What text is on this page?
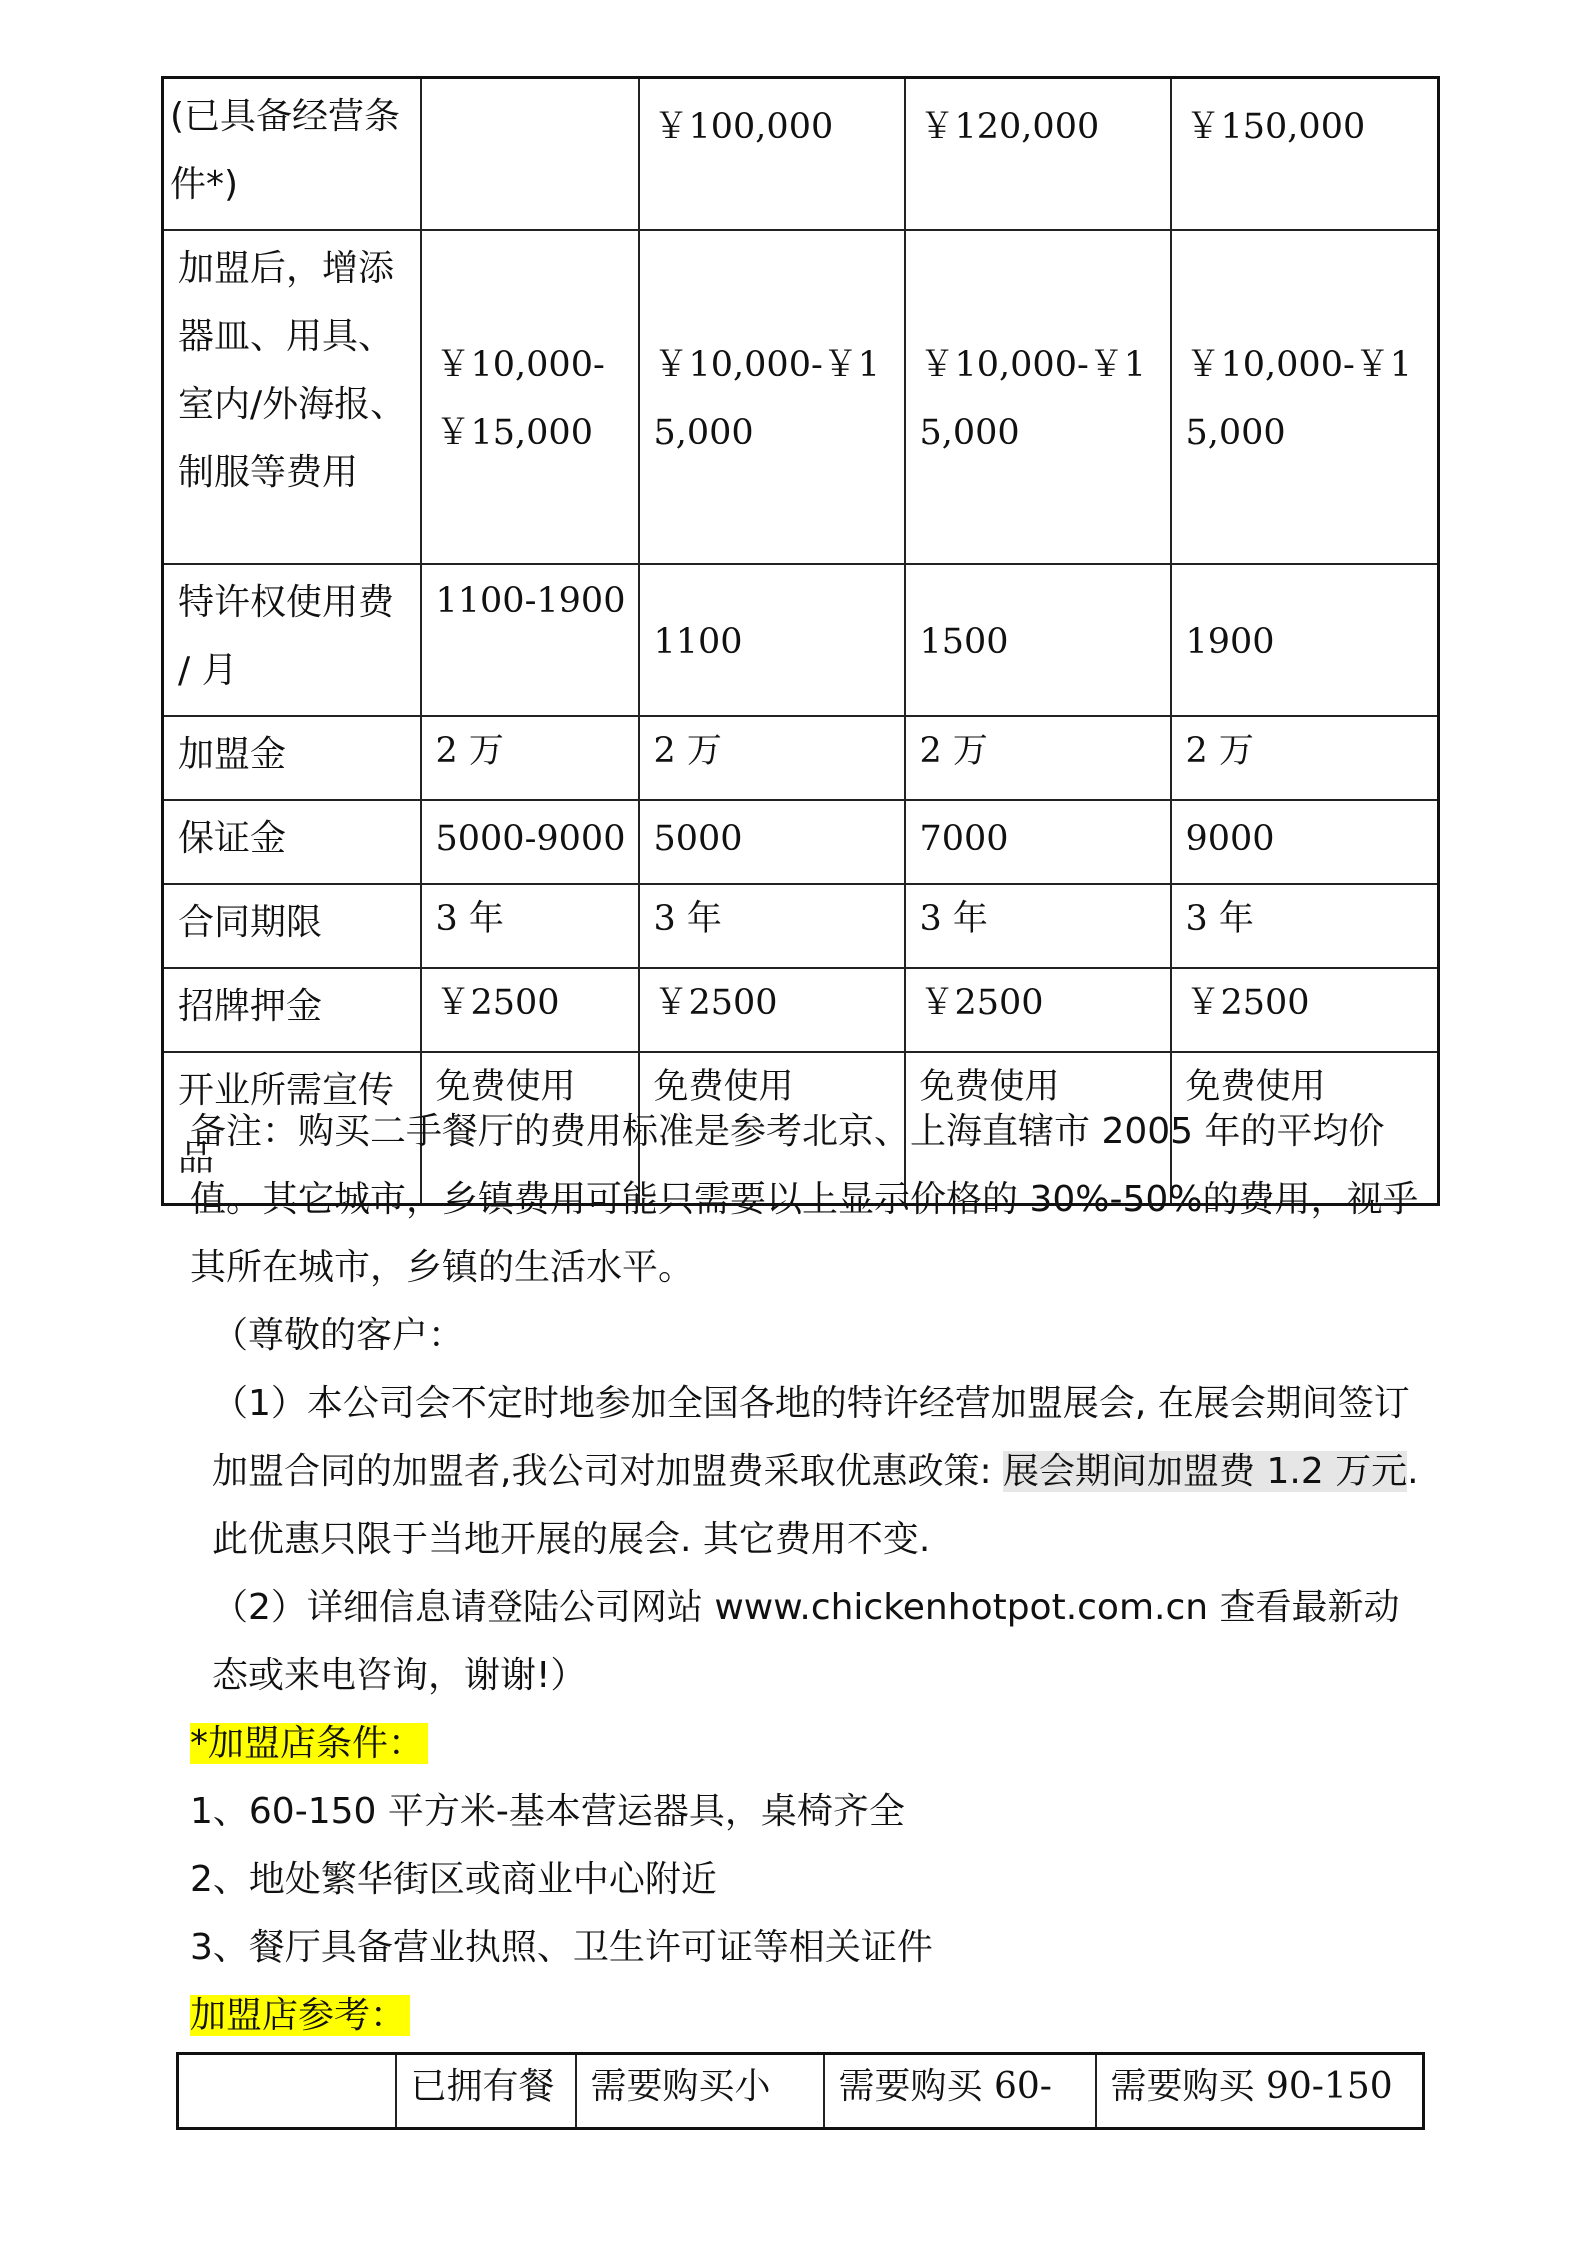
(已具备经营条件*)		￥100,000	￥120,000	￥150,000
加盟后，增添器皿、用具、室内/外海报、制服等费用	￥10,000-￥15,000	￥10,000-￥15,000	￥10,000-￥15,000	￥10,000-￥15,000
特许权使用费 / 月	1100-1900	1100	1500	1900
加盟金	2 万	2 万	2 万	2 万
保证金	5000-9000	5000	7000	9000
合同期限	3 年	3 年	3 年	3 年
招牌押金	￥2500	￥2500	￥2500	￥2500
开业所需宣传品	免费使用	免费使用	免费使用	免费使用

备注：购买二手餐厅的费用标准是参考北京、上海直辖市 2005 年的平均价值。其它城市，乡镇费用可能只需要以上显示价格的 30%-50%的费用，视乎其所在城市，乡镇的生活水平。

（尊敬的客户：

（1）本公司会不定时地参加全国各地的特许经营加盟展会, 在展会期间签订加盟合同的加盟者,我公司对加盟费采取优惠政策: 展会期间加盟费 1.2 万元. 此优惠只限于当地开展的展会. 其它费用不变.

（2）详细信息请登陆公司网站 www.chickenhotpot.com.cn 查看最新动态或来电咨询，谢谢!）

*加盟店条件：

1、60-150 平方米-基本营运器具，桌椅齐全

2、地处繁华街区或商业中心附近

3、餐厅具备营业执照、卫生许可证等相关证件

加盟店参考：

	已拥有餐	需要购买小	需要购买 60-	需要购买 90-150
